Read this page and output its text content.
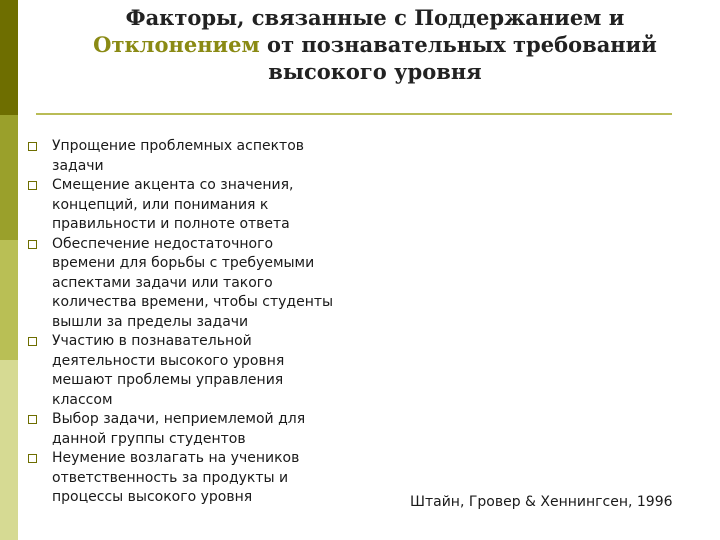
Факторы, связанные с Поддержанием и
Отклонением от познавательных требований
высокого уровня
Упрощение проблемных аспектов
задачи
Смещение акцента со значения,
концепций, или понимания к
правильности и полноте ответа
Обеспечение недостаточного
времени для борьбы с требуемыми
аспектами задачи или такого
количества времени, чтобы студенты
вышли за пределы задачи
Участию в познавательной
деятельности высокого уровня
мешают проблемы управления
классом
Выбор задачи, неприемлемой для
данной группы студентов
Неумение возлагать на учеников
ответственность за продукты и
процессы высокого уровня	Штайн, Гровер & Хеннингсен, 1996
